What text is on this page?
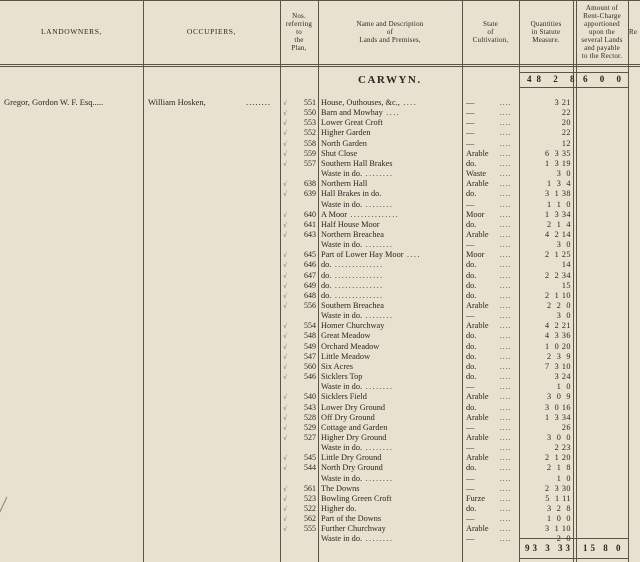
LANDOWNERS,	OCCUPIERS,
Nos.
referring
to
the
Plan,
Name and Description
of
Lands and Premises,
State
of
Cultivation,
Quantities
in Statute
Measure.
Amount of
Rent-Charge
apportioned
upon the
several Lands
and payable
to the Rector.
Re
CARWYN.	48 2 8 6 0 0
Gregor, Gordon W. F. Esq.....	William Hosken,	........ √	551 House, Outhouses, &c., ....	—	....	3 21
√	550 Barn and Mowhay ....	—	....	22
√	553 Lower Great Croft	—	....	20
√	552 Higher Garden	—	....	22
√	558 North Garden	—	....	12
√	559 Shut Close	Arable	....	6  3 35
√	557 Southern Hall Brakes	do.	....	1  3 19
Waste in do. ........	Waste	....	3  0
√	638 Northern Hall	Arable	....	1  3  4
√	639 Hall Brakes in do.	do.	....	3  1 38
Waste in do. ........	—	....	1  1  0
√	640 A Moor ..............	Moor	....	1  3 34
√	641 Half House Moor	do.	....	2  1  4
√	643 Northern Breachea	Arable	....	4  2 14
Waste in do. ........	—	....	3  0
√	645 Part of Lower Hay Moor ....	Moor	....	2  1 25
√	646 do. ..............	do.	....	14
√	647 do. ..............	do.	....	2  2 34
√	649 do. ..............	do.	....	15
√	648 do. ..............	do.	....	2  1 10
√	556 Southern Breachea	Arable	....	2  2  0
Waste in do. ........	—	....	3  0
√	554 Homer Churchway	Arable	....	4  2 21
√	548 Great Meadow	do.	....	4  3 36
√	549 Orchard Meadow	do.	....	1  0 20
√	547 Little Meadow	do.	....	2  3  9
√	560 Six Acres	do.	....	7  3 10
√	546 Sicklers Top	do.	....	3 24
Waste in do. ........	—	....	1  0
√	540 Sicklers Field	Arable	....	3  0  9
√	543 Lower Dry Ground	do.	....	3  0 16
√	528 Off Dry Ground	Arable	....	1  3 34
√	529 Cottage and Garden	—	....	26
√	527 Higher Dry Ground	Arable	....	3  0  0
Waste in do. ........	—	....	2 23
√	545 Little Dry Ground	Arable	....	2  1 20
√	544 North Dry Ground	do.	....	2  1  8
Waste in do. ........	—	....	1  0
√	561 The Downs	—	....	2  3 30
√	523 Bowling Green Croft	Furze	....	5  1 11
√	522 Higher do.	do.	....	3  2  8
√	562 Part of the Downs	—	....	1  0  0
√	555 Further Churchway	Arable	....	3  1 10
Waste in do. ........	—	....	2  0
93 3 33 15 8 0
